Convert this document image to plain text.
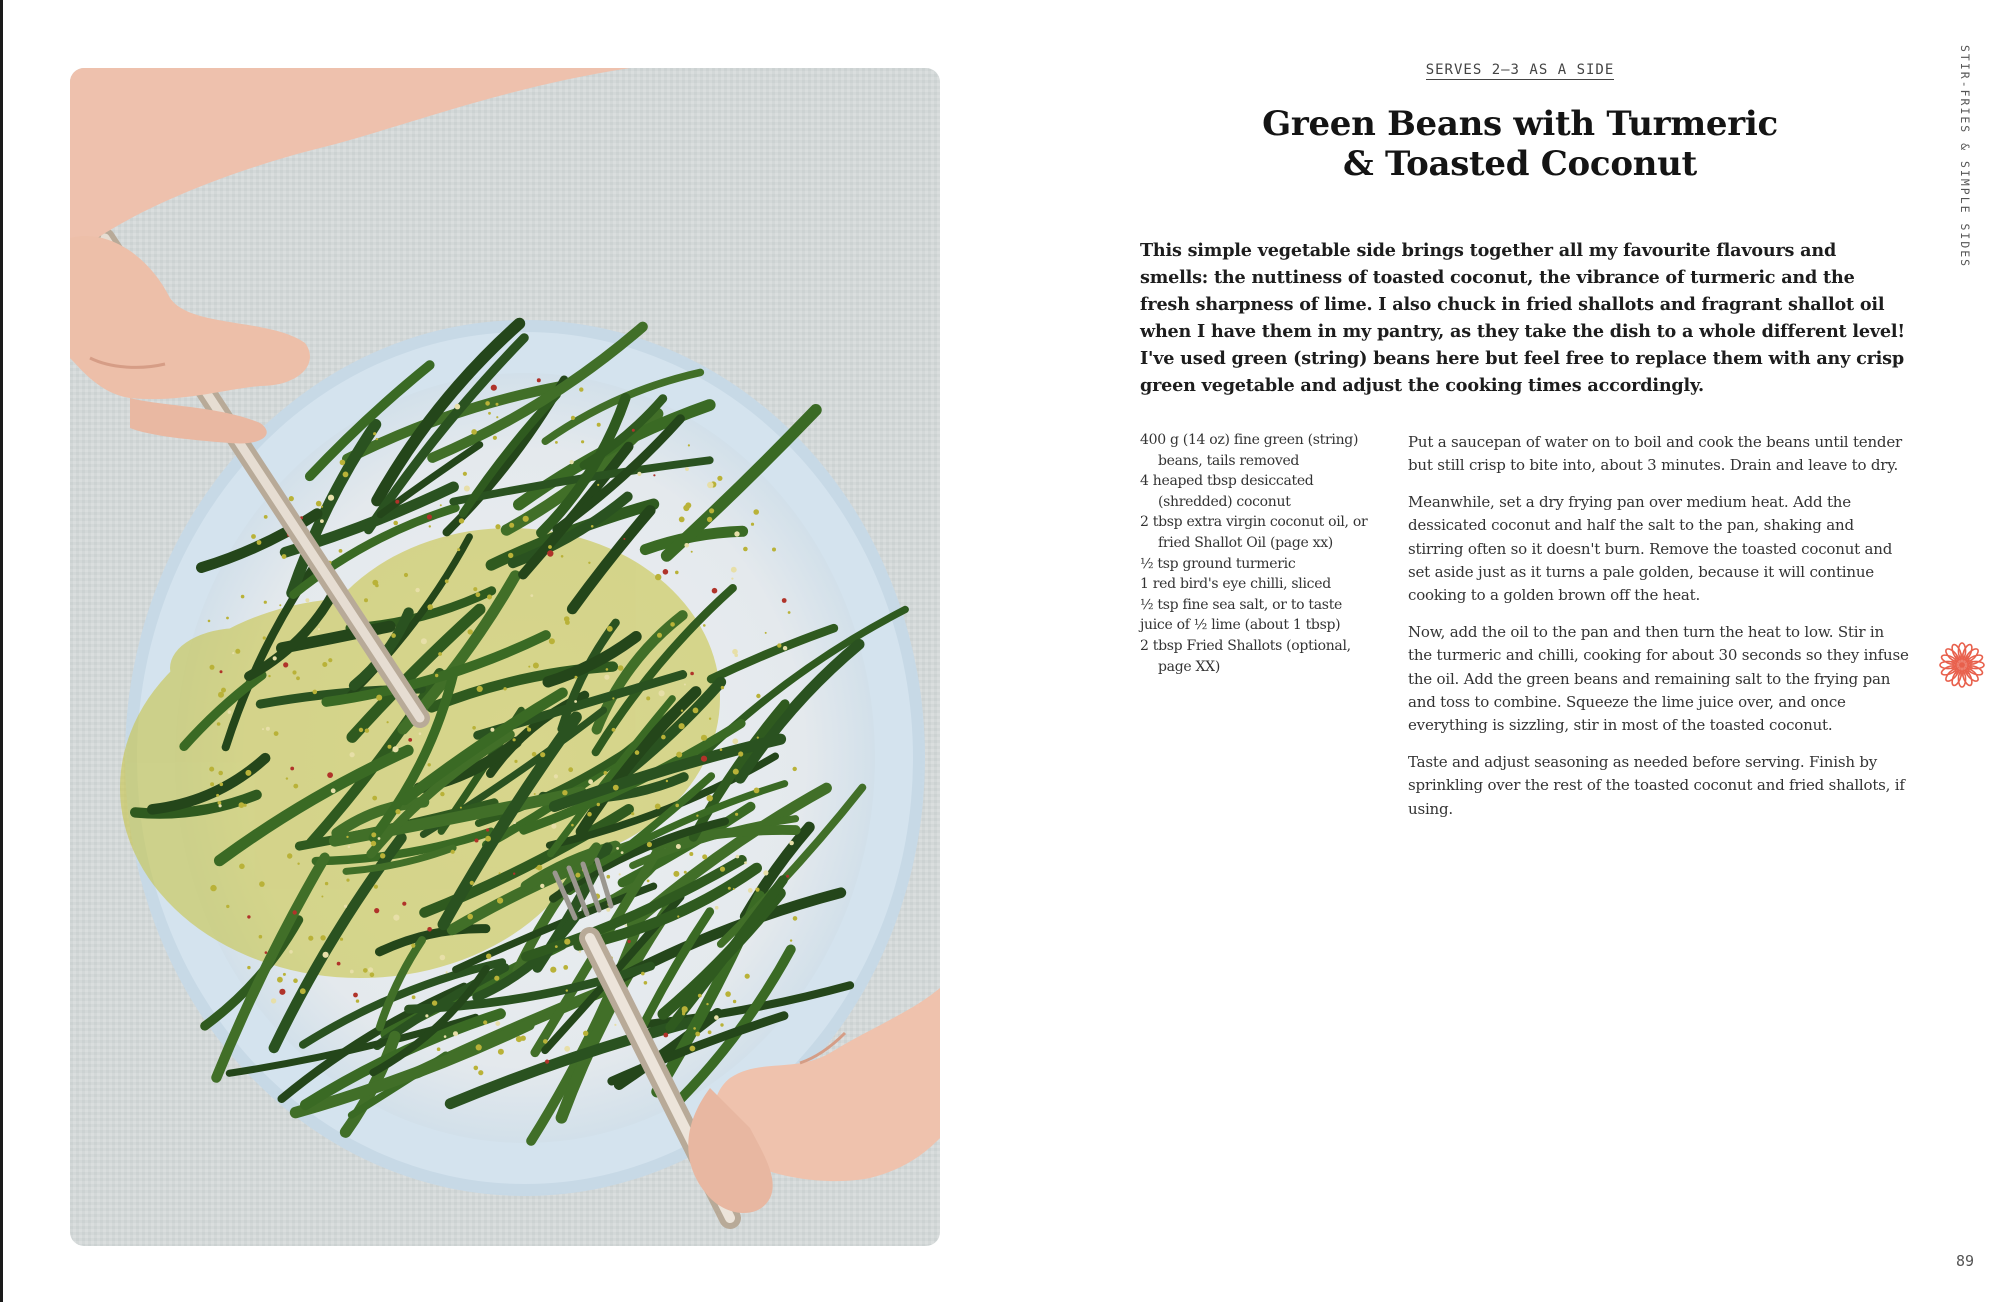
SERVES 2–3 AS A SIDE
Green Beans with Turmeric
& Toasted Coconut

This simple vegetable side brings together all my favourite flavours and smells: the nuttiness of toasted coconut, the vibrance of turmeric and the fresh sharpness of lime. I also chuck in fried shallots and fragrant shallot oil when I have them in my pantry, as they take the dish to a whole different level! I've used green (string) beans here but feel free to replace them with any crisp green vegetable and adjust the cooking times accordingly.

400 g (14 oz) fine green (string) beans, tails removed
4 heaped tbsp desiccated (shredded) coconut
2 tbsp extra virgin coconut oil, or fried Shallot Oil (page xx)
½ tsp ground turmeric
1 red bird's eye chilli, sliced
½ tsp fine sea salt, or to taste
juice of ½ lime (about 1 tbsp)
2 tbsp Fried Shallots (optional, page XX)

Put a saucepan of water on to boil and cook the beans until tender but still crisp to bite into, about 3 minutes. Drain and leave to dry.

Meanwhile, set a dry frying pan over medium heat. Add the dessicated coconut and half the salt to the pan, shaking and stirring often so it doesn't burn. Remove the toasted coconut and set aside just as it turns a pale golden, because it will continue cooking to a golden brown off the heat.

Now, add the oil to the pan and then turn the heat to low. Stir in the turmeric and chilli, cooking for about 30 seconds so they infuse the oil. Add the green beans and remaining salt to the frying pan and toss to combine. Squeeze the lime juice over, and once everything is sizzling, stir in most of the toasted coconut.

Taste and adjust seasoning as needed before serving. Finish by sprinkling over the rest of the toasted coconut and fried shallots, if using.

STIR-FRIES & SIMPLE SIDES
89
